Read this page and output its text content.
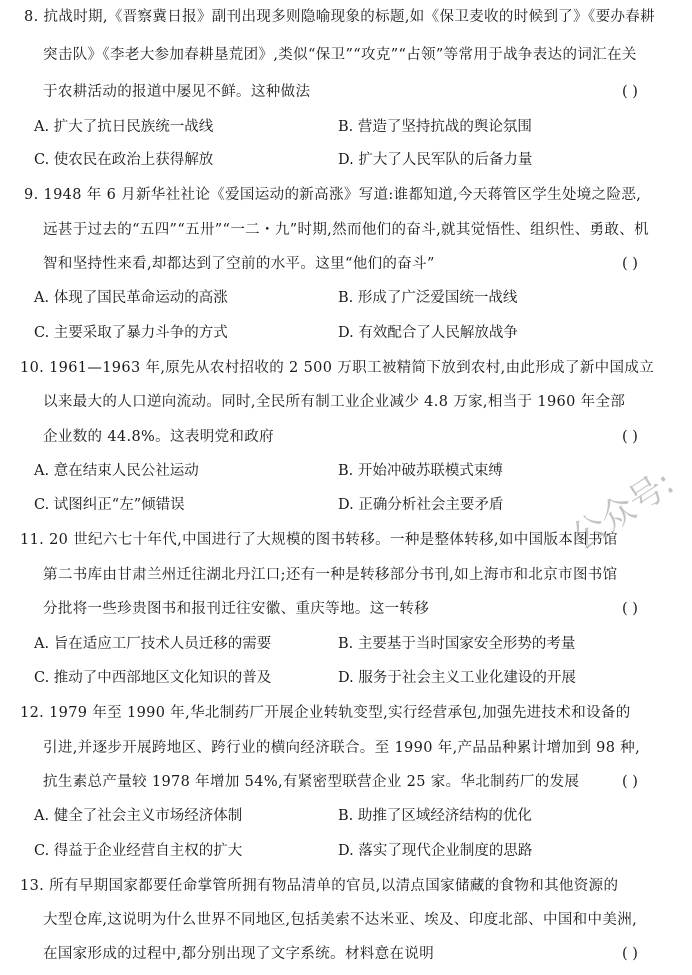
8. 抗战时期,《晋察冀日报》副刊出现多则隐喻现象的标题,如《保卫麦收的时候到了》《要办春耕
突击队》《李老大参加春耕垦荒团》,类似“保卫”“攻克”“占领”等常用于战争表达的词汇在关
于农耕活动的报道中屡见不鲜。这种做法	( )
A. 扩大了抗日民族统一战线	B. 营造了坚持抗战的舆论氛围
C. 使农民在政治上获得解放	D. 扩大了人民军队的后备力量
9. 1948 年 6 月新华社社论《爱国运动的新高涨》写道:谁都知道,今天蒋管区学生处境之险恶,
远甚于过去的“五四”“五卅”“一二・九”时期,然而他们的奋斗,就其觉悟性、组织性、勇敢、机
智和坚持性来看,却都达到了空前的水平。这里“他们的奋斗”	( )
A. 体现了国民革命运动的高涨	B. 形成了广泛爱国统一战线
C. 主要采取了暴力斗争的方式	D. 有效配合了人民解放战争
10. 1961—1963 年,原先从农村招收的 2 500 万职工被精简下放到农村,由此形成了新中国成立
以来最大的人口逆向流动。同时,全民所有制工业企业减少 4.8 万家,相当于 1960 年全部
企业数的 44.8%。这表明党和政府	( )
A. 意在结束人民公社运动	B. 开始冲破苏联模式束缚
C. 试图纠正“左”倾错误	D. 正确分析社会主要矛盾
11. 20 世纪六七十年代,中国进行了大规模的图书转移。一种是整体转移,如中国版本图书馆
第二书库由甘肃兰州迁往湖北丹江口;还有一种是转移部分书刊,如上海市和北京市图书馆
分批将一些珍贵图书和报刊迁往安徽、重庆等地。这一转移	( )
A. 旨在适应工厂技术人员迁移的需要	B. 主要基于当时国家安全形势的考量
C. 推动了中西部地区文化知识的普及	D. 服务于社会主义工业化建设的开展
12. 1979 年至 1990 年,华北制药厂开展企业转轨变型,实行经营承包,加强先进技术和设备的
引进,并逐步开展跨地区、跨行业的横向经济联合。至 1990 年,产品品种累计增加到 98 种,
抗生素总产量较 1978 年增加 54%,有紧密型联营企业 25 家。华北制药厂的发展	( )
A. 健全了社会主义市场经济体制	B. 助推了区域经济结构的优化
C. 得益于企业经营自主权的扩大	D. 落实了现代企业制度的思路
13. 所有早期国家都要任命掌管所拥有物品清单的官员,以清点国家储藏的食物和其他资源的
大型仓库,这说明为什么世界不同地区,包括美索不达米亚、埃及、印度北部、中国和中美洲,
在国家形成的过程中,都分别出现了文字系统。材料意在说明	( )
公众号:
